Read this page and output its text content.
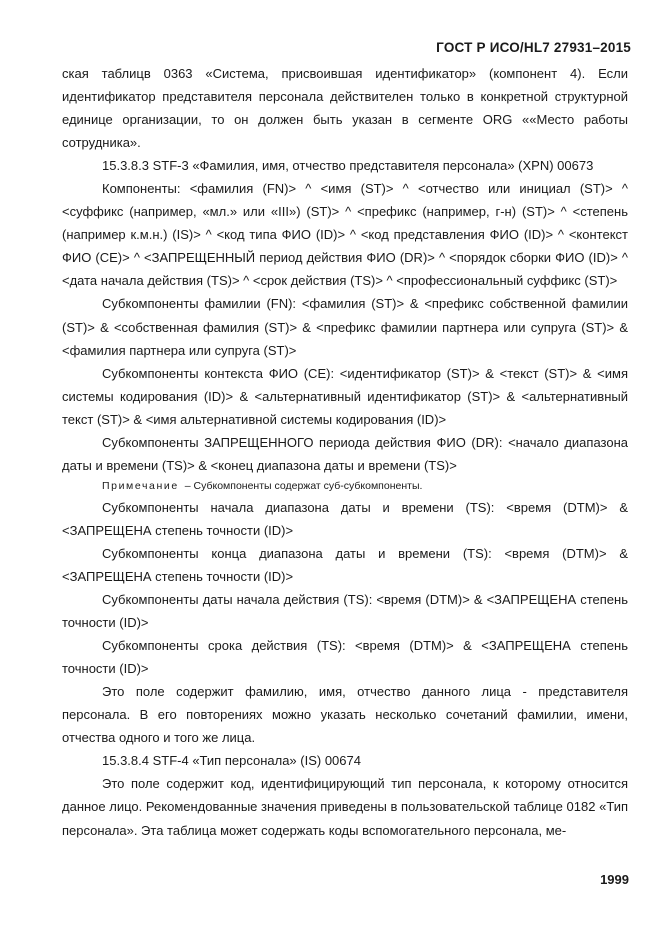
ГОСТ Р ИСО/HL7 27931–2015

ская таблицв 0363 «Система, присвоившая идентификатор» (компонент 4). Если идентификатор представителя персонала действителен только в конкретной структурной единице организации, то он должен быть указан в сегменте ORG ««Место работы сотрудника».

15.3.8.3 STF-3 «Фамилия, имя, отчество представителя персонала» (XPN) 00673

Компоненты: <фамилия (FN)> ^ <имя (ST)> ^ <отчество или инициал (ST)> ^ <суффикс (например, «мл.» или «III») (ST)> ^ <префикс (например, г-н) (ST)> ^ <степень (например к.м.н.) (IS)> ^ <код типа ФИО (ID)> ^ <код представления ФИО (ID)> ^ <контекст ФИО (CE)> ^ <ЗАПРЕЩЕННЫЙ период действия ФИО (DR)> ^ <порядок сборки ФИО (ID)> ^ <дата начала действия (TS)> ^ <срок действия (TS)> ^ <профессиональный суффикс (ST)>

Субкомпоненты фамилии (FN): <фамилия (ST)> & <префикс собственной фамилии (ST)> & <собственная фамилия (ST)> & <префикс фамилии партнера или супруга (ST)> & <фамилия партнера или супруга (ST)>

Субкомпоненты контекста ФИО (CE): <идентификатор (ST)> & <текст (ST)> & <имя системы кодирования (ID)> & <альтернативный идентификатор (ST)> & <альтернативный текст (ST)> & <имя альтернативной системы кодирования (ID)>

Субкомпоненты ЗАПРЕЩЕННОГО периода действия ФИО (DR): <начало диапазона даты и времени (TS)> & <конец диапазона даты и времени (TS)>

Примечание – Субкомпоненты содержат суб-субкомпоненты.

Субкомпоненты начала диапазона даты и времени (TS): <время (DTM)> & <ЗАПРЕЩЕНА степень точности (ID)>

Субкомпоненты конца диапазона даты и времени (TS): <время (DTM)> & <ЗАПРЕЩЕНА степень точности (ID)>

Субкомпоненты даты начала действия (TS): <время (DTM)> & <ЗАПРЕЩЕНА степень точности (ID)>

Субкомпоненты срока действия (TS): <время (DTM)> & <ЗАПРЕЩЕНА степень точности (ID)>

Это поле содержит фамилию, имя, отчество данного лица - представителя персонала. В его повторениях можно указать несколько сочетаний фамилии, имени, отчества одного и того же лица.

15.3.8.4 STF-4 «Тип персонала» (IS) 00674

Это поле содержит код, идентифицирующий тип персонала, к которому относится данное лицо. Рекомендованные значения приведены в пользовательской таблице 0182 «Тип персонала». Эта таблица может содержать коды вспомогательного персонала, ме-

1999
